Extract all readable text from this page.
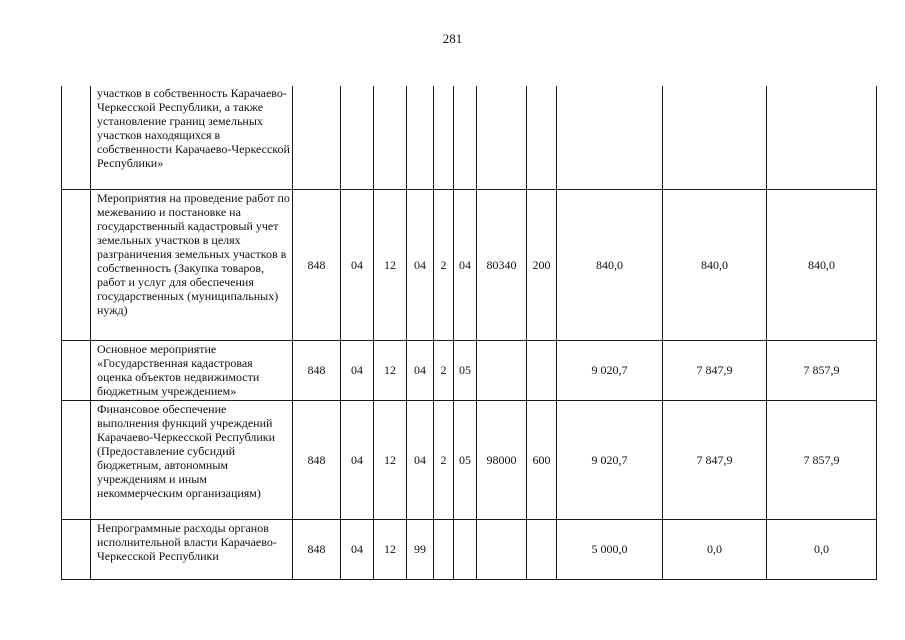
281
	участков в собственность Карачаево-Черкесской Республики, а также установление границ земельных участков находящихся в собственности Карачаево-Черкесской Республики»											
	Мероприятия на проведение работ по межеванию и постановке на государственный кадастровый учет земельных участков в целях разграничения земельных участков в собственность (Закупка товаров, работ и услуг для обеспечения государственных (муниципальных) нужд)	848	04	12	04	2	04	80340	200	840,0	840,0	840,0
	Основное мероприятие «Государственная кадастровая оценка объектов недвижимости бюджетным учреждением»	848	04	12	04	2	05			9 020,7	7 847,9	7 857,9
	Финансовое обеспечение выполнения функций учреждений Карачаево-Черкесской Республики (Предоставление субсидий бюджетным, автономным учреждениям и иным некоммерческим организациям)	848	04	12	04	2	05	98000	600	9 020,7	7 847,9	7 857,9
	Непрограммные расходы органов исполнительной власти Карачаево-Черкесской Республики	848	04	12	99					5 000,0	0,0	0,0
